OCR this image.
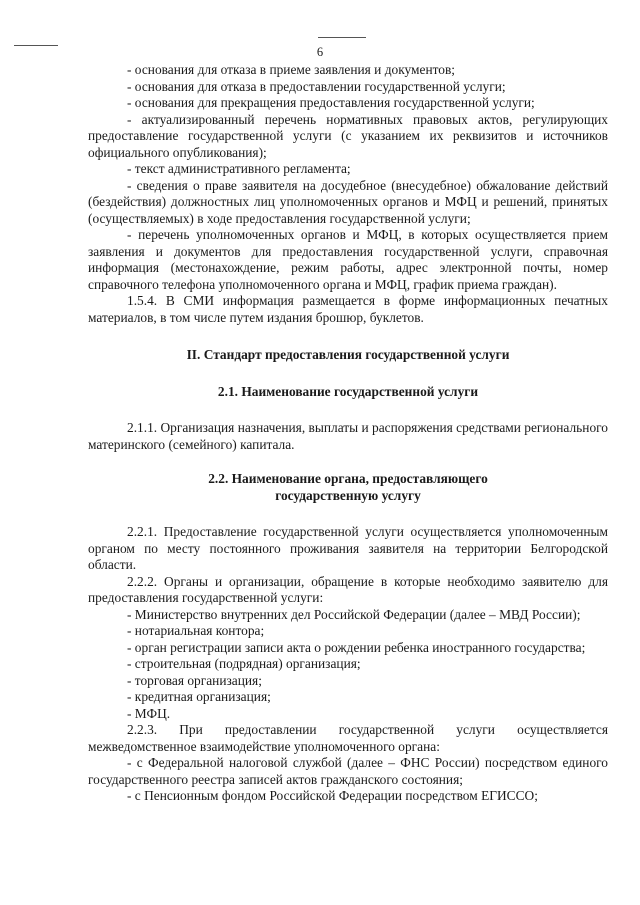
6

- основания для отказа в приеме заявления и документов;

- основания для отказа в предоставлении государственной услуги;

- основания для прекращения предоставления государственной услуги;

- актуализированный перечень нормативных правовых актов, регулирующих предоставление государственной услуги (с указанием их реквизитов и источников официального опубликования);

- текст административного регламента;

- сведения о праве заявителя на досудебное (внесудебное) обжалование действий (бездействия) должностных лиц уполномоченных органов и МФЦ и решений, принятых (осуществляемых) в ходе предоставления государственной услуги;

- перечень уполномоченных органов и МФЦ, в которых осуществляется прием заявления и документов для предоставления государственной услуги, справочная информация (местонахождение, режим работы, адрес электронной почты, номер справочного телефона уполномоченного органа и МФЦ, график приема граждан).

1.5.4. В СМИ информация размещается в форме информационных печатных материалов, в том числе путем издания брошюр, буклетов.

II. Стандарт предоставления государственной услуги

2.1. Наименование государственной услуги

2.1.1. Организация назначения, выплаты и распоряжения средствами регионального материнского (семейного) капитала.

2.2. Наименование органа, предоставляющего
государственную услугу

2.2.1. Предоставление государственной услуги осуществляется уполномоченным органом по месту постоянного проживания заявителя на территории Белгородской области.

2.2.2. Органы и организации, обращение в которые необходимо заявителю для предоставления государственной услуги:

- Министерство внутренних дел Российской Федерации (далее – МВД России);

- нотариальная контора;

- орган регистрации записи акта о рождении ребенка иностранного государства;

- строительная (подрядная) организация;

- торговая организация;

- кредитная организация;

- МФЦ.

2.2.3. При предоставлении государственной услуги осуществляется межведомственное взаимодействие уполномоченного органа:

- с Федеральной налоговой службой (далее – ФНС России) посредством единого государственного реестра записей актов гражданского состояния;

- с Пенсионным фондом Российской Федерации посредством ЕГИССО;
